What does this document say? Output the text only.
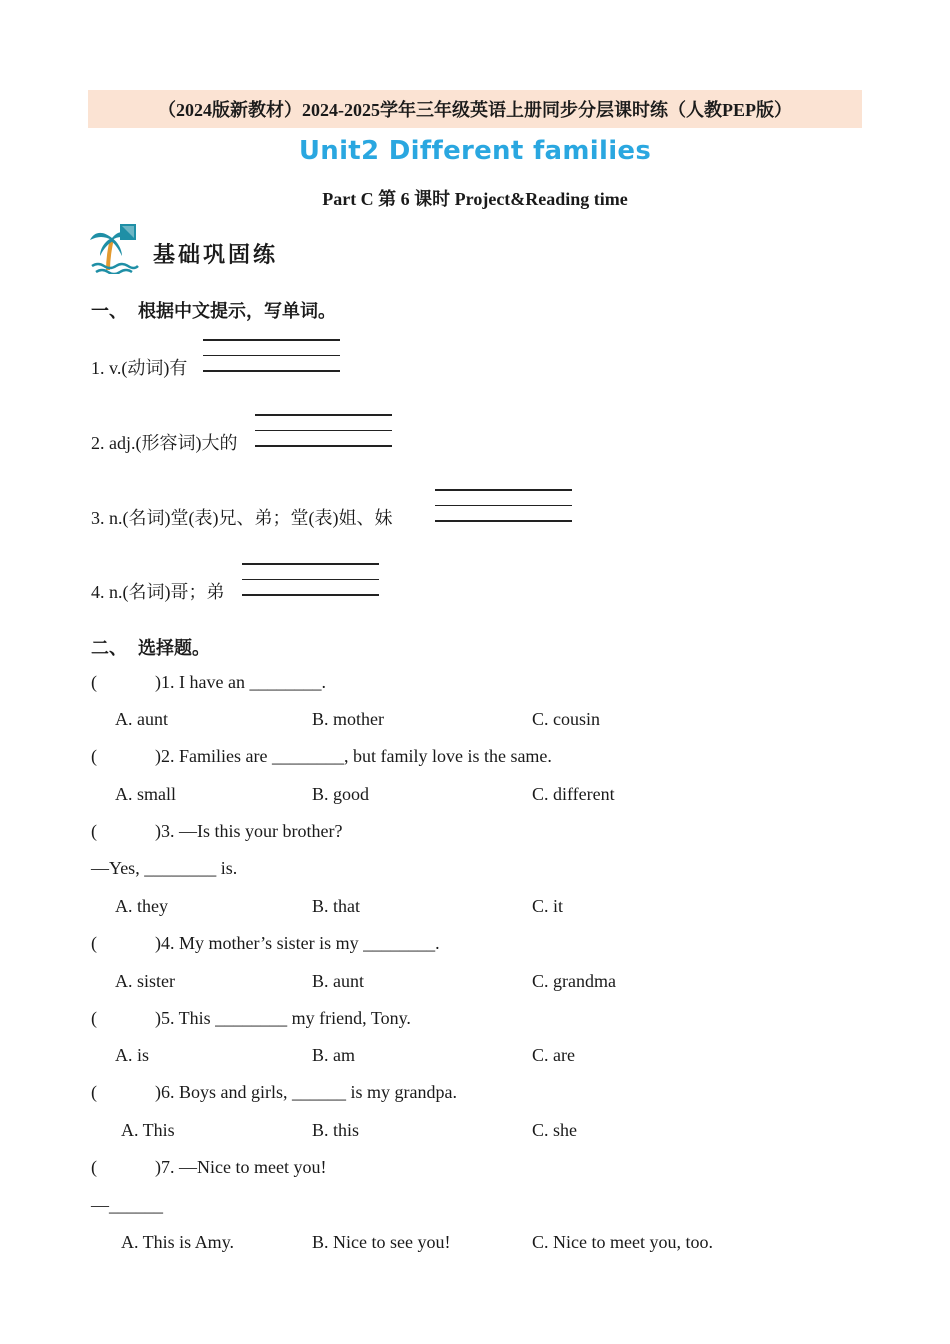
（2024版新教材）2024-2025学年三年级英语上册同步分层课时练（人教PEP版）
Unit2 Different families
Part C 第 6 课时 Project&Reading time
基础巩固练
一、 根据中文提示，写单词。
1. v.(动词)有
2. adj.(形容词)大的
3. n.(名词)堂(表)兄、弟；堂(表)姐、妹
4. n.(名词)哥；弟
二、 选择题。
(	)1. I have an ________.
A. aunt	B. mother	C. cousin
(	)2. Families are ________, but family love is the same.
A. small	B. good	C. different
(	)3. —Is this your brother?
—Yes, ________ is.
A. they	B. that	C. it
(	)4. My mother’s sister is my ________.
A. sister	B. aunt	C. grandma
(	)5. This ________ my friend, Tony.
A. is	B. am	C. are
(	)6. Boys and girls, ______ is my grandpa.
A. This	B. this	C. she
(	)7. —Nice to meet you!
—______
A. This is Amy.	B. Nice to see you!	C. Nice to meet you, too.
